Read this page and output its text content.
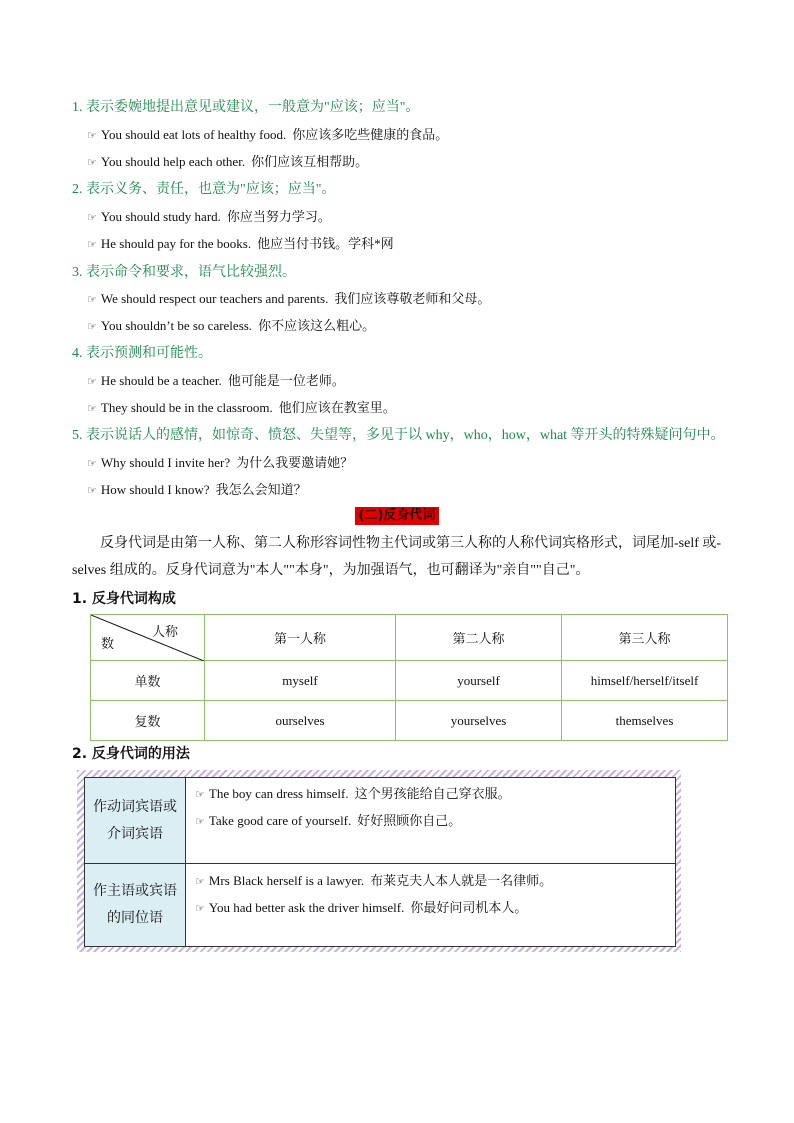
1. 表示委婉地提出意见或建议，一般意为"应该；应当"。
☞ You should eat lots of healthy food. 你应该多吃些健康的食品。
☞ You should help each other. 你们应该互相帮助。
2. 表示义务、责任，也意为"应该；应当"。
☞ You should study hard. 你应当努力学习。
☞ He should pay for the books. 他应当付书钱。学科*网
3. 表示命令和要求，语气比较强烈。
☞ We should respect our teachers and parents. 我们应该尊敬老师和父母。
☞ You shouldn’t be so careless. 你不应该这么粗心。
4. 表示预测和可能性。
☞ He should be a teacher. 他可能是一位老师。
☞ They should be in the classroom. 他们应该在教室里。
5. 表示说话人的感情，如惊奇、愤怒、失望等，多见于以 why，who，how，what 等开头的特殊疑问句中。
☞ Why should I invite her? 为什么我要邀请她？
☞ How should I know? 我怎么会知道？
(二)反身代词
反身代词是由第一人称、第二人称形容词性物主代词或第三人称的人称代词宾格形式，词尾加-self 或-selves 组成的。反身代词意为"本人""本身"，为加强语气，也可翻译为"亲自""自己"。
1. 反身代词构成
人称
数	第一人称	第二人称	第三人称
单数	myself	yourself	himself/herself/itself
复数	ourselves	yourselves	themselves
2. 反身代词的用法
作动词宾语或介词宾语
☞ The boy can dress himself. 这个男孩能给自己穿衣服。
☞ Take good care of yourself. 好好照顾你自己。
作主语或宾语的同位语
☞ Mrs Black herself is a lawyer. 布莱克夫人本人就是一名律师。
☞ You had better ask the driver himself. 你最好问司机本人。
